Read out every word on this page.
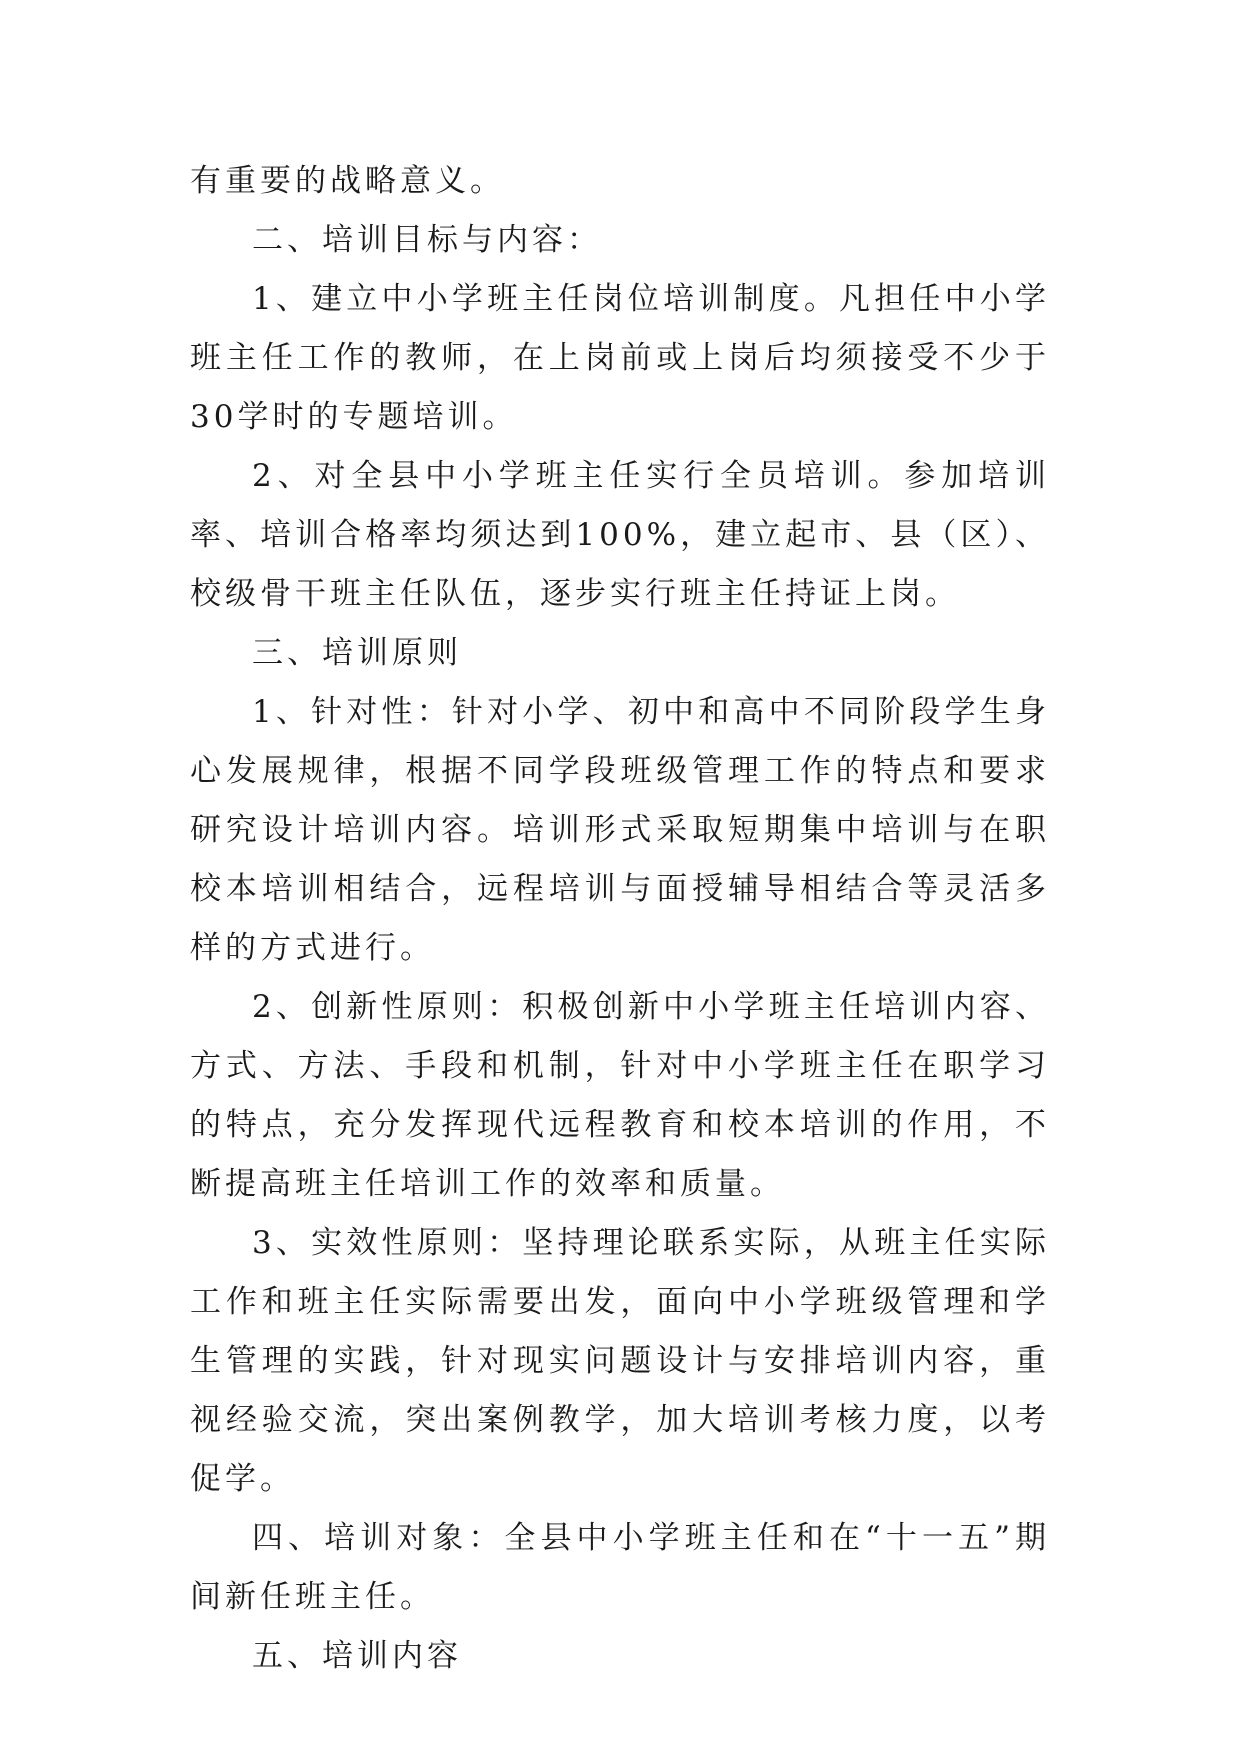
有重要的战略意义。

二、培训目标与内容：

1、建立中小学班主任岗位培训制度。凡担任中小学班主任工作的教师，在上岗前或上岗后均须接受不少于30学时的专题培训。

2、对全县中小学班主任实行全员培训。参加培训率、培训合格率均须达到100%，建立起市、县（区）、校级骨干班主任队伍，逐步实行班主任持证上岗。

三、培训原则

1、针对性：针对小学、初中和高中不同阶段学生身心发展规律，根据不同学段班级管理工作的特点和要求研究设计培训内容。培训形式采取短期集中培训与在职校本培训相结合，远程培训与面授辅导相结合等灵活多样的方式进行。

2、创新性原则：积极创新中小学班主任培训内容、方式、方法、手段和机制，针对中小学班主任在职学习的特点，充分发挥现代远程教育和校本培训的作用，不断提高班主任培训工作的效率和质量。

3、实效性原则：坚持理论联系实际，从班主任实际工作和班主任实际需要出发，面向中小学班级管理和学生管理的实践，针对现实问题设计与安排培训内容，重视经验交流，突出案例教学，加大培训考核力度，以考促学。

四、培训对象：全县中小学班主任和在“十一五”期间新任班主任。

五、培训内容
